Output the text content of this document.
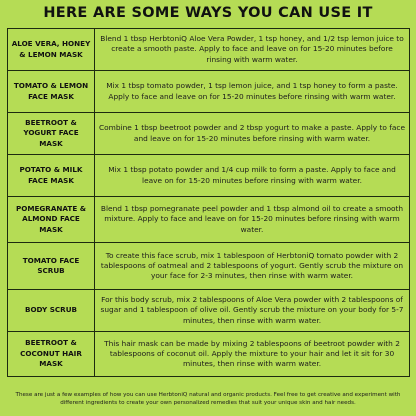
HERE ARE SOME WAYS YOU CAN USE IT
ALOE VERA, HONEY & LEMON MASK	Blend 1 tbsp HerbtoniQ Aloe Vera Powder, 1 tsp honey, and 1/2 tsp lemon juice to create a smooth paste. Apply to face and leave on for 15-20 minutes before rinsing with warm water.
TOMATO & LEMON FACE MASK	Mix 1 tbsp tomato powder, 1 tsp lemon juice, and 1 tsp honey to form a paste. Apply to face and leave on for 15-20 minutes before rinsing with warm water.
BEETROOT & YOGURT FACE MASK	Combine 1 tbsp beetroot powder and 2 tbsp yogurt to make a paste. Apply to face and leave on for 15-20 minutes before rinsing with warm water.
POTATO & MILK FACE MASK	Mix 1 tbsp potato powder and 1/4 cup milk to form a paste. Apply to face and leave on for 15-20 minutes before rinsing with warm water.
POMEGRANATE & ALMOND FACE MASK	Blend 1 tbsp pomegranate peel powder and 1 tbsp almond oil to create a smooth mixture. Apply to face and leave on for 15-20 minutes before rinsing with warm water.
TOMATO FACE SCRUB	To create this face scrub, mix 1 tablespoon of HerbtoniQ tomato powder with 2 tablespoons of oatmeal and 2 tablespoons of yogurt. Gently scrub the mixture on your face for 2-3 minutes, then rinse with warm water.
BODY SCRUB	For this body scrub, mix 2 tablespoons of Aloe Vera powder with 2 tablespoons of sugar and 1 tablespoon of olive oil. Gently scrub the mixture on your body for 5-7 minutes, then rinse with warm water.
BEETROOT & COCONUT HAIR MASK	This hair mask can be made by mixing 2 tablespoons of beetroot powder with 2 tablespoons of coconut oil. Apply the mixture to your hair and let it sit for 30 minutes, then rinse with warm water.
These are just a few examples of how you can use HerbtoniQ natural and organic products. Feel free to get creative and experiment with different ingredients to create your own personalized remedies that suit your unique skin and hair needs.
